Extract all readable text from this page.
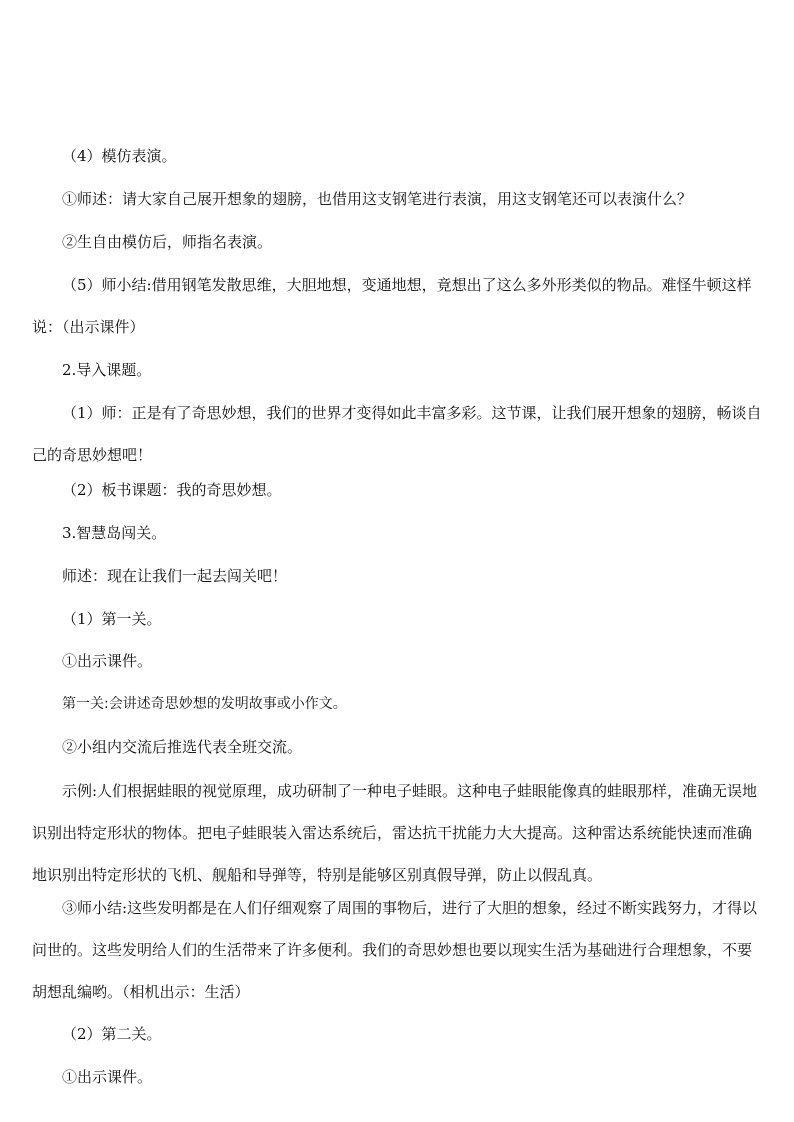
（4）模仿表演。

①师述：请大家自己展开想象的翅膀，也借用这支钢笔进行表演，用这支钢笔还可以表演什么？

②生自由模仿后，师指名表演。

（5）师小结:借用钢笔发散思维，大胆地想，变通地想，竟想出了这么多外形类似的物品。难怪牛顿这样说：（出示课件）

2.导入课题。

（1）师：正是有了奇思妙想，我们的世界才变得如此丰富多彩。这节课，让我们展开想象的翅膀，畅谈自己的奇思妙想吧！

（2）板书课题：我的奇思妙想。

3.智慧岛闯关。

师述：现在让我们一起去闯关吧！

（1）第一关。

①出示课件。

第一关:会讲述奇思妙想的发明故事或小作文。

②小组内交流后推选代表全班交流。

示例:人们根据蛙眼的视觉原理，成功研制了一种电子蛙眼。这种电子蛙眼能像真的蛙眼那样，准确无误地识别出特定形状的物体。把电子蛙眼装入雷达系统后，雷达抗干扰能力大大提高。这种雷达系统能快速而准确地识别出特定形状的飞机、舰船和导弹等，特别是能够区别真假导弹，防止以假乱真。

③师小结:这些发明都是在人们仔细观察了周围的事物后，进行了大胆的想象，经过不断实践努力，才得以问世的。这些发明给人们的生活带来了许多便利。我们的奇思妙想也要以现实生活为基础进行合理想象，不要胡想乱编哟。（相机出示：生活）

（2）第二关。

①出示课件。
